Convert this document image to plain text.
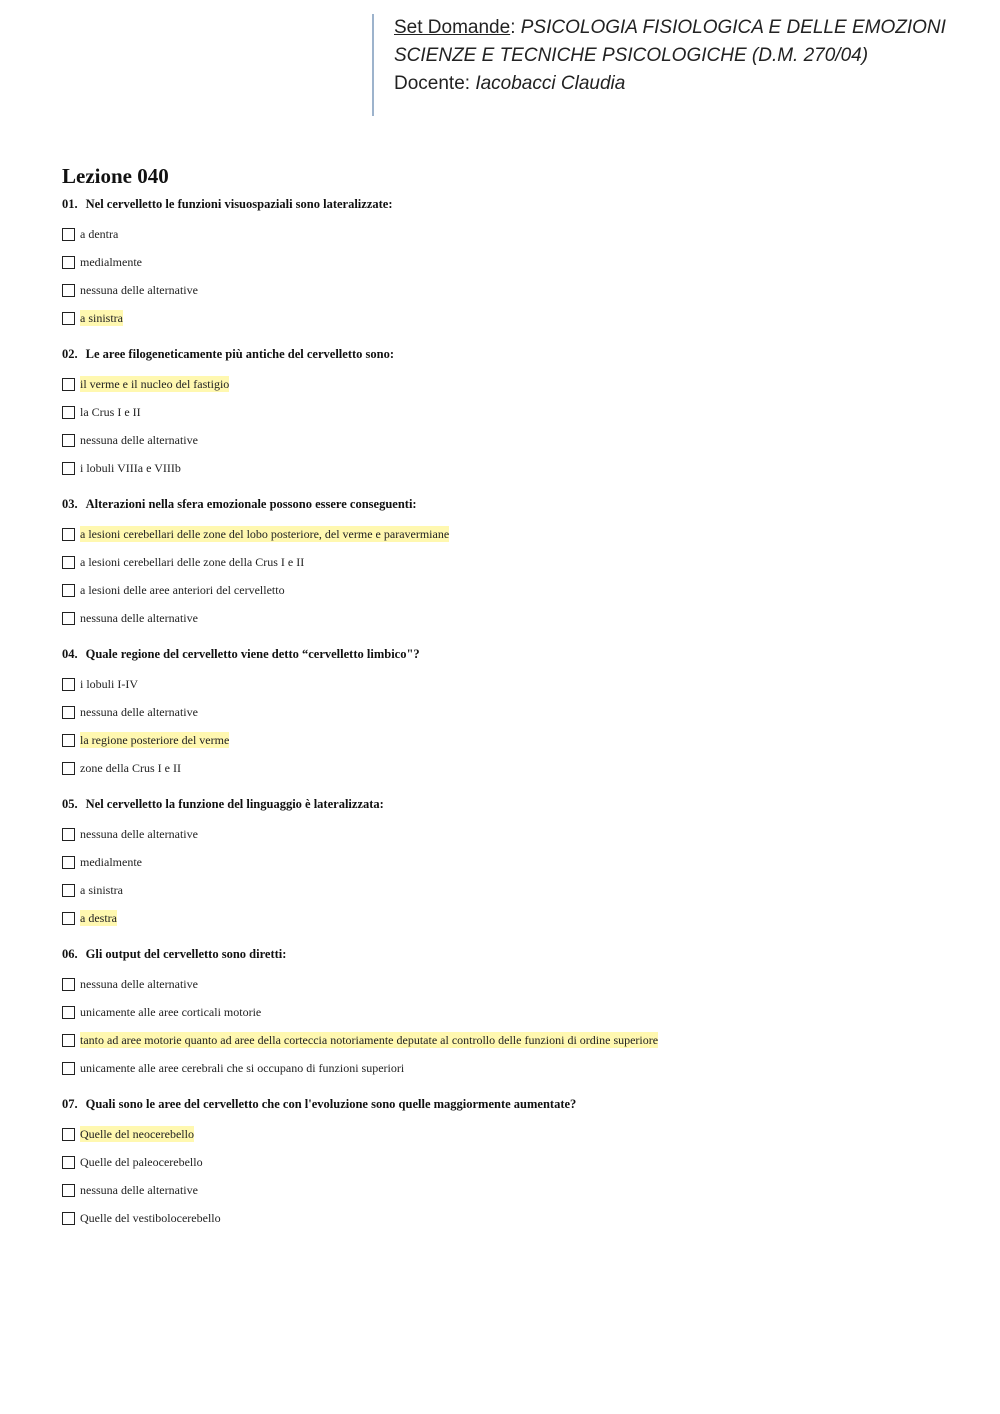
Set Domande: PSICOLOGIA FISIOLOGICA E DELLE EMOZIONI
SCIENZE E TECNICHE PSICOLOGICHE (D.M. 270/04)
Docente: Iacobacci Claudia
Lezione 040
01. Nel cervelletto le funzioni visuospaziali sono lateralizzate:
a dentra
medialmente
nessuna delle alternative
a sinistra
02. Le aree filogeneticamente più antiche del cervelletto sono:
il verme e il nucleo del fastigio
la Crus I e II
nessuna delle alternative
i lobuli VIIIa e VIIIb
03. Alterazioni nella sfera emozionale possono essere conseguenti:
a lesioni cerebellari delle zone del lobo posteriore, del verme e paravermiane
a lesioni cerebellari delle zone della Crus I e II
a lesioni delle aree anteriori del cervelletto
nessuna delle alternative
04. Quale regione del cervelletto viene detto “cervelletto limbico"?
i lobuli I-IV
nessuna delle alternative
la regione posteriore del verme
zone della Crus I e II
05. Nel cervelletto la funzione del linguaggio è lateralizzata:
nessuna delle alternative
medialmente
a sinistra
a destra
06. Gli output del cervelletto sono diretti:
nessuna delle alternative
unicamente alle aree corticali motorie
tanto ad aree motorie quanto ad aree della corteccia notoriamente deputate al controllo delle funzioni di ordine superiore
unicamente alle aree cerebrali che si occupano di funzioni superiori
07. Quali sono le aree del cervelletto che con l'evoluzione sono quelle maggiormente aumentate?
Quelle del neocerebello
Quelle del paleocerebello
nessuna delle alternative
Quelle del vestibolocerebello
